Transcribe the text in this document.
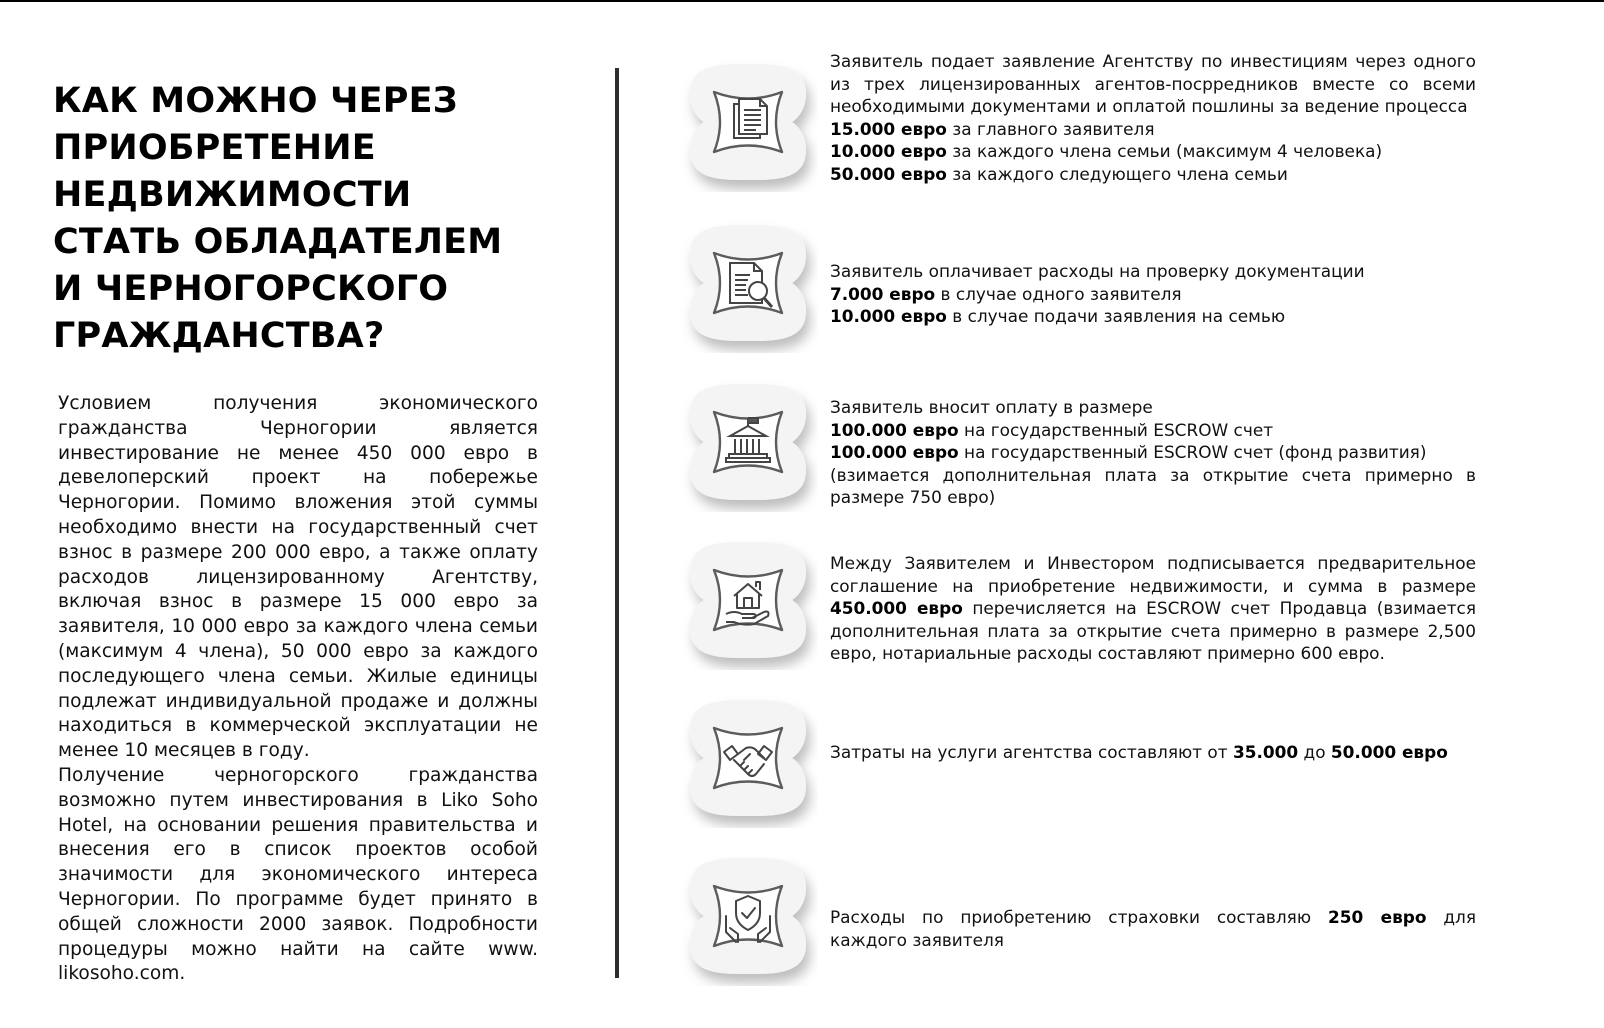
КАК МОЖНО ЧЕРЕЗ
ПРИОБРЕТЕНИЕ
НЕДВИЖИМОСТИ
СТАТЬ ОБЛАДАТЕЛЕМ
И ЧЕРНОГОРСКОГО
ГРАЖДАНСТВА?

Условием получения экономического гражданства Черногории является инвестирование не менее 450 000 евро в девелоперский проект на побережье Черногории. Помимо вложения этой суммы необходимо внести на государственный счет взнос в размере 200 000 евро, а также оплату расходов лицензированному Агентству, включая взнос в размере 15 000 евро за заявителя, 10 000 евро за каждого члена семьи (максимум 4 члена), 50 000 евро за каждого последующего члена семьи. Жилые единицы подлежат индивидуальной продаже и должны находиться в коммерческой эксплуатации не менее 10 месяцев в году.

Получение черногорского гражданства возможно путем инвестирования в Liko Soho Hotel, на основании решения правительства и внесения его в список проектов особой значимости для экономического интереса Черногории. По программе будет принято в общей сложности 2000 заявок. Подробности процедуры можно найти на сайте www. likosoho.com.

Заявитель подает заявление Агентству по инвестициям через одного из трех лицензированных агентов-посрредников вместе со всеми необходимыми документами и оплатой пошлины за ведение процесса

15.000 евро за главного заявителя

10.000 евро за каждого члена семьи (максимум 4 человека)

50.000 евро за каждого следующего члена семьи

Заявитель оплачивает расходы на проверку документации

7.000 евро в случае одного заявителя

10.000 евро в случае подачи заявления на семью

Заявитель вносит оплату в размере

100.000 евро на государственный ESCROW счет

100.000 евро на государственный ESCROW счет (фонд развития)

(взимается дополнительная плата за открытие счета примерно в размере 750 евро)

Между Заявителем и Инвестором подписывается предварительное соглашение на приобретение недвижимости, и сумма в размере 450.000 евро перечисляется на ESCROW счет Продавца (взимается дополнительная плата за открытие счета примерно в размере 2,500 евро, нотариальные расходы составляют примерно 600 евро.

Затраты на услуги агентства составляют от 35.000 до 50.000 евро

Расходы по приобретению страховки составляю 250 евро для каждого заявителя
